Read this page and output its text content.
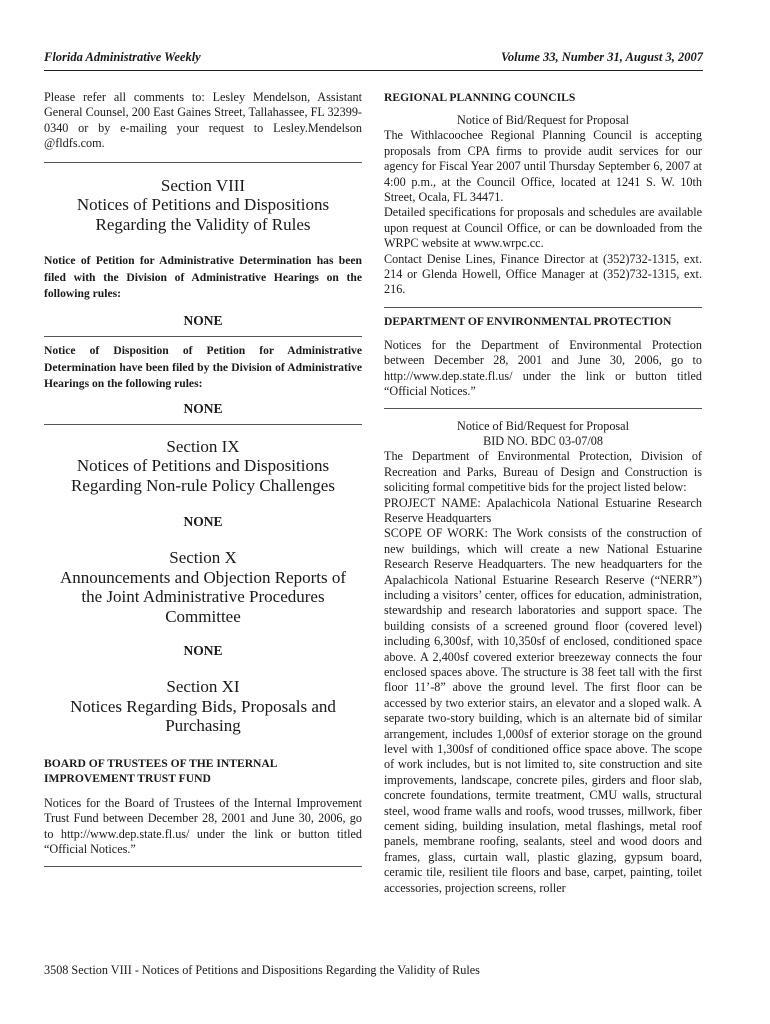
Florida Administrative Weekly	Volume 33, Number 31, August 3, 2007

Please refer all comments to: Lesley Mendelson, Assistant General Counsel, 200 East Gaines Street, Tallahassee, FL 32399-0340 or by e-mailing your request to Lesley.Mendelson @fldfs.com.

Section VIII

Notices of Petitions and Dispositions

Regarding the Validity of Rules

Notice of Petition for Administrative Determination has been filed with the Division of Administrative Hearings on the following rules:

NONE

Notice of Disposition of Petition for Administrative Determination have been filed by the Division of Administrative Hearings on the following rules:

NONE

Section IX

Notices of Petitions and Dispositions

Regarding Non-rule Policy Challenges

NONE

Section X

Announcements and Objection Reports of

the Joint Administrative Procedures

Committee

NONE

Section XI

Notices Regarding Bids, Proposals and

Purchasing

BOARD OF TRUSTEES OF THE INTERNAL

IMPROVEMENT TRUST FUND

Notices for the Board of Trustees of the Internal Improvement Trust Fund between December 28, 2001 and June 30, 2006, go to http://www.dep.state.fl.us/ under the link or button titled “Official Notices.”

REGIONAL PLANNING COUNCILS

Notice of Bid/Request for Proposal

The Withlacoochee Regional Planning Council is accepting proposals from CPA firms to provide audit services for our agency for Fiscal Year 2007 until Thursday September 6, 2007 at 4:00 p.m., at the Council Office, located at 1241 S. W. 10th Street, Ocala, FL 34471.

Detailed specifications for proposals and schedules are available upon request at Council Office, or can be downloaded from the WRPC website at www.wrpc.cc.

Contact Denise Lines, Finance Director at (352)732-1315, ext. 214 or Glenda Howell, Office Manager at (352)732-1315, ext. 216.

DEPARTMENT OF ENVIRONMENTAL PROTECTION

Notices for the Department of Environmental Protection between December 28, 2001 and June 30, 2006, go to http://www.dep.state.fl.us/ under the link or button titled “Official Notices.”

Notice of Bid/Request for Proposal

BID NO. BDC 03-07/08

The Department of Environmental Protection, Division of Recreation and Parks, Bureau of Design and Construction is soliciting formal competitive bids for the project listed below:

PROJECT NAME: Apalachicola National Estuarine Research Reserve Headquarters

SCOPE OF WORK: The Work consists of the construction of new buildings, which will create a new National Estuarine Research Reserve Headquarters. The new headquarters for the Apalachicola National Estuarine Research Reserve (“NERR”) including a visitors’ center, offices for education, administration, stewardship and research laboratories and support space. The building consists of a screened ground floor (covered level) including 6,300sf, with 10,350sf of enclosed, conditioned space above. A 2,400sf covered exterior breezeway connects the four enclosed spaces above. The structure is 38 feet tall with the first floor 11’-8” above the ground level. The first floor can be accessed by two exterior stairs, an elevator and a sloped walk. A separate two-story building, which is an alternate bid of similar arrangement, includes 1,000sf of exterior storage on the ground level with 1,300sf of conditioned office space above. The scope of work includes, but is not limited to, site construction and site improvements, landscape, concrete piles, girders and floor slab, concrete foundations, termite treatment, CMU walls, structural steel, wood frame walls and roofs, wood trusses, millwork, fiber cement siding, building insulation, metal flashings, metal roof panels, membrane roofing, sealants, steel and wood doors and frames, glass, curtain wall, plastic glazing, gypsum board, ceramic tile, resilient tile floors and base, carpet, painting, toilet accessories, projection screens, roller

3508 Section VIII - Notices of Petitions and Dispositions Regarding the Validity of Rules
